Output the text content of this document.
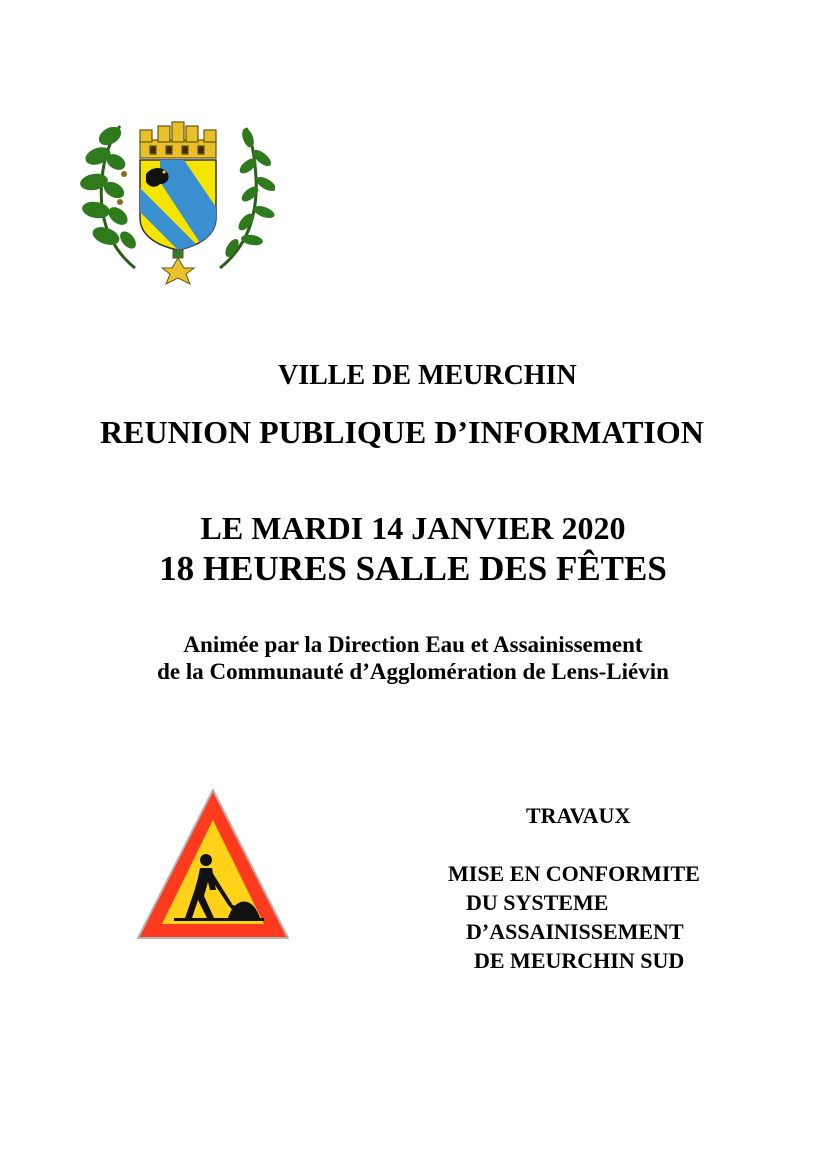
VILLE DE MEURCHIN

REUNION PUBLIQUE D’INFORMATION

LE MARDI 14 JANVIER 2020

18 HEURES SALLE DES FÊTES

Animée par la Direction Eau et Assainissement

de la Communauté d’Agglomération de Lens-Liévin

TRAVAUX

MISE EN CONFORMITE

DU SYSTEME

D’ASSAINISSEMENT

DE MEURCHIN SUD
